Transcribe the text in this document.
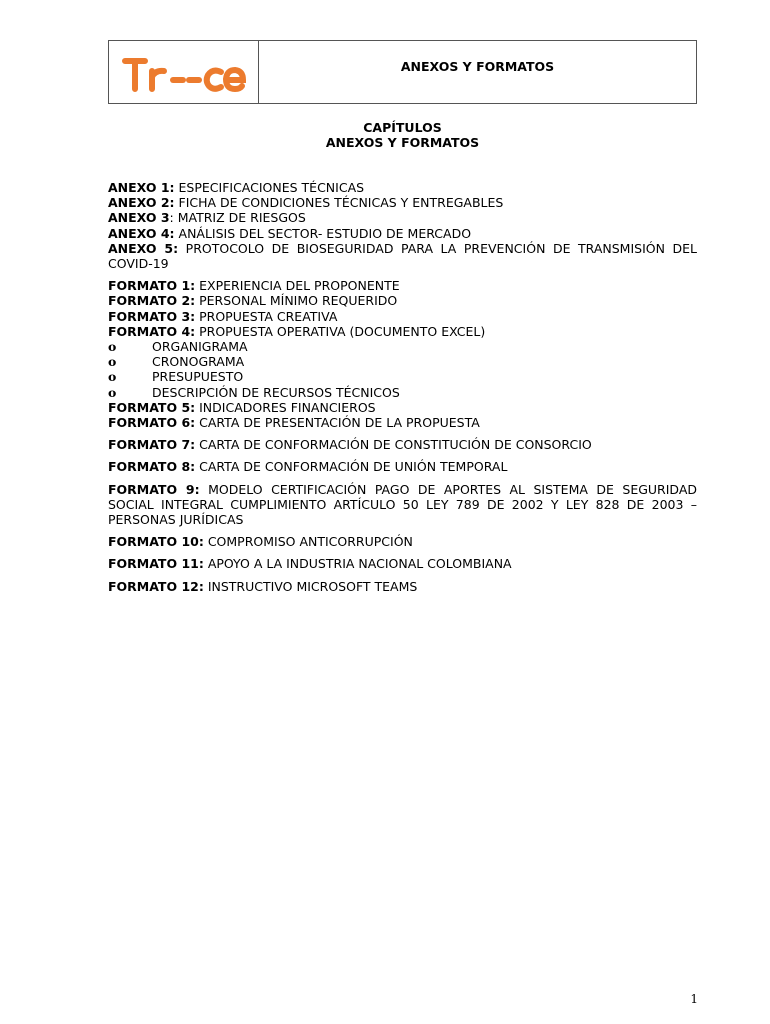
ANEXOS Y FORMATOS
CAPÍTULOS
ANEXOS Y FORMATOS

ANEXO 1: ESPECIFICACIONES TÉCNICAS

ANEXO 2: FICHA DE CONDICIONES TÉCNICAS Y ENTREGABLES

ANEXO 3: MATRIZ DE RIESGOS

ANEXO 4: ANÁLISIS DEL SECTOR- ESTUDIO DE MERCADO

ANEXO 5: PROTOCOLO DE BIOSEGURIDAD PARA LA PREVENCIÓN DE TRANSMISIÓN DEL COVID-19

FORMATO 1: EXPERIENCIA DEL PROPONENTE

FORMATO 2: PERSONAL MÍNIMO REQUERIDO

FORMATO 3: PROPUESTA CREATIVA

FORMATO 4: PROPUESTA OPERATIVA (DOCUMENTO EXCEL)

o	ORGANIGRAMA
o	CRONOGRAMA
o	PRESUPUESTO
o	DESCRIPCIÓN DE RECURSOS TÉCNICOS

FORMATO 5: INDICADORES FINANCIEROS

FORMATO 6: CARTA DE PRESENTACIÓN DE LA PROPUESTA

FORMATO 7: CARTA DE CONFORMACIÓN DE CONSTITUCIÓN DE CONSORCIO

FORMATO 8: CARTA DE CONFORMACIÓN DE UNIÓN TEMPORAL

FORMATO 9: MODELO CERTIFICACIÓN PAGO DE APORTES AL SISTEMA DE SEGURIDAD SOCIAL INTEGRAL CUMPLIMIENTO ARTÍCULO 50 LEY 789 DE 2002 Y LEY 828 DE 2003 – PERSONAS JURÍDICAS

FORMATO 10: COMPROMISO ANTICORRUPCIÓN

FORMATO 11: APOYO A LA INDUSTRIA NACIONAL COLOMBIANA

FORMATO 12: INSTRUCTIVO MICROSOFT TEAMS

1
